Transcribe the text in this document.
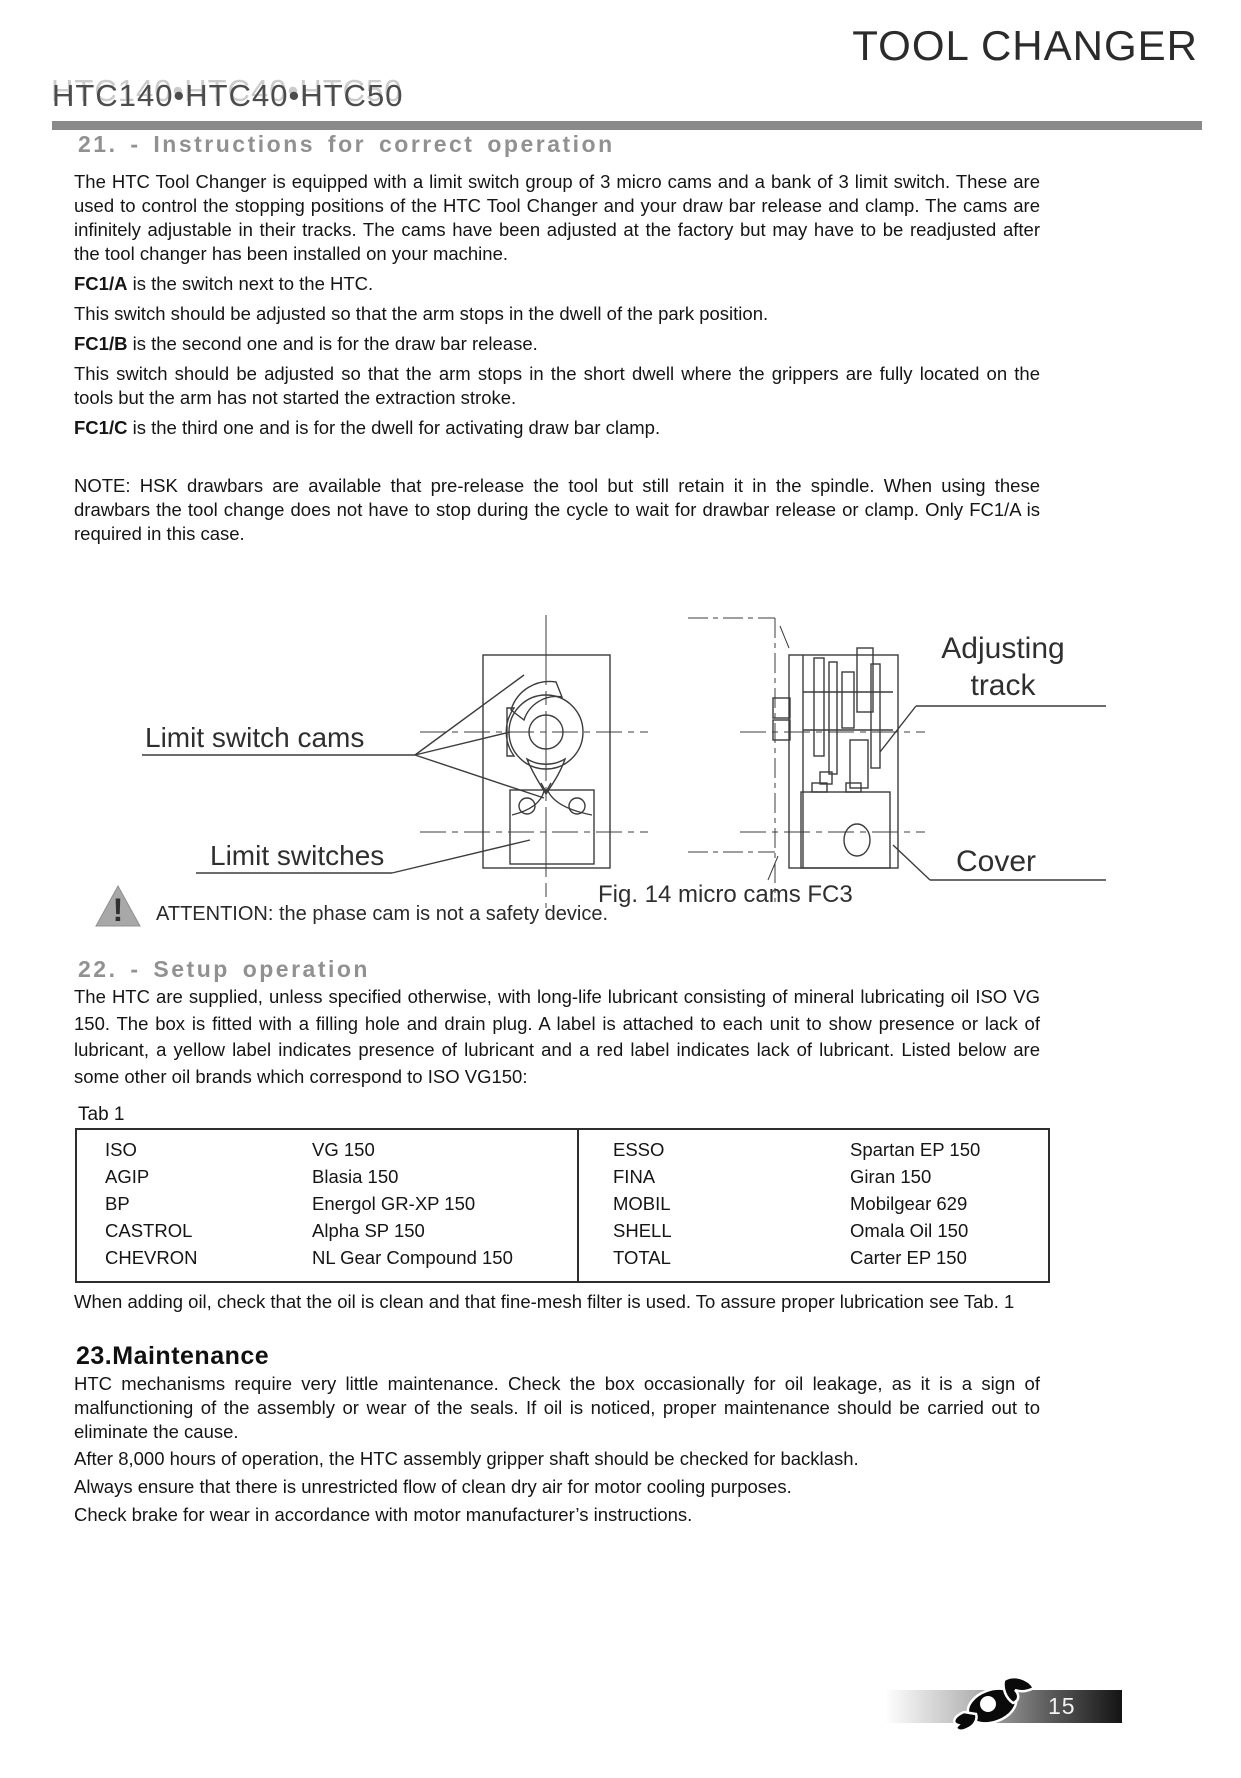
TOOL CHANGER
HTC140•HTC40•HTC50
21. - Instructions for correct operation

The HTC Tool Changer is equipped with a limit switch group of 3 micro cams and a bank of 3 limit switch. These are used to control the stopping positions of the HTC Tool Changer and your draw bar release and clamp. The cams are infinitely adjustable in their tracks. The cams have been adjusted at the factory but may have to be readjusted after the tool changer has been installed on your machine.

FC1/A is the switch next to the HTC.

This switch should be adjusted so that the arm stops in the dwell of the park position.

FC1/B is the second one and is for the draw bar release.

This switch should be adjusted so that the arm stops in the short dwell where the grippers are fully located on the tools but the arm has not started the extraction stroke.

FC1/C is the third one and is for the dwell for activating draw bar clamp.

NOTE: HSK drawbars are available that pre-release the tool but still retain it in the spindle. When using these drawbars the tool change does not have to stop during the cycle to wait for drawbar release or clamp. Only FC1/A is required in this case.

Limit switch cams
Limit switches
Adjusting
track
Cover
Fig. 14 micro cams FC3
! ATTENTION: the phase cam is not a safety device.
22. - Setup operation
The HTC are supplied, unless specified otherwise, with long-life lubricant consisting of mineral lubricating oil ISO VG 150. The box is fitted with a filling hole and drain plug. A label is attached to each unit to show presence or lack of lubricant, a yellow label indicates presence of lubricant and a red label indicates lack of lubricant. Listed below are some other oil brands which correspond to ISO VG150:
Tab 1
ISO	VG 150
AGIP	Blasia 150
BP	Energol GR-XP 150
CASTROL	Alpha SP 150
CHEVRON	NL Gear Compound 150
ESSO	Spartan EP 150
FINA	Giran 150
MOBIL	Mobilgear 629
SHELL	Omala Oil 150
TOTAL	Carter EP 150
When adding oil, check that the oil is clean and that fine-mesh filter is used. To assure proper lubrication see Tab. 1
23.Maintenance

HTC mechanisms require very little maintenance. Check the box occasionally for oil leakage, as it is a sign of malfunctioning of the assembly or wear of the seals. If oil is noticed, proper maintenance should be carried out to eliminate the cause.

After 8,000 hours of operation, the HTC assembly gripper shaft should be checked for backlash.
Always ensure that there is unrestricted flow of clean dry air for motor cooling purposes.
Check brake for wear in accordance with motor manufacturer’s instructions.
15
